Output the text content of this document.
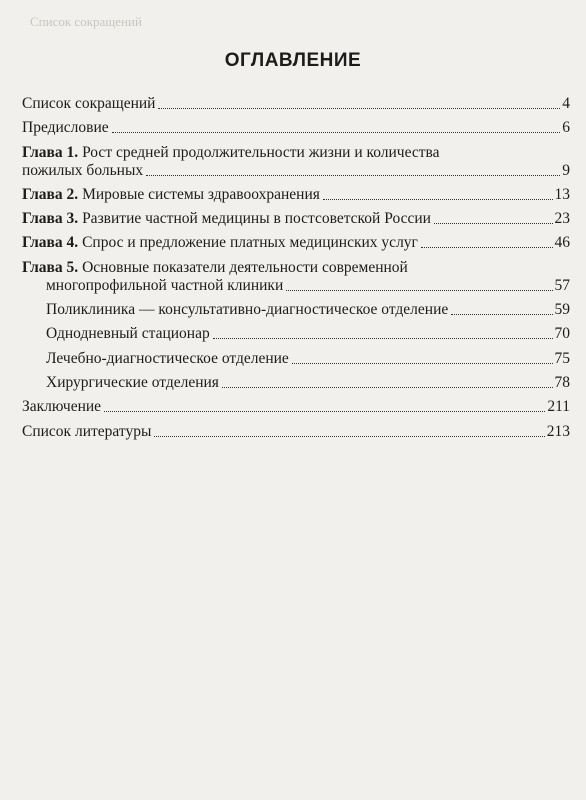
Список сокращений
ОГЛАВЛЕНИЕ
Список сокращений	4
Предисловие	6
Глава 1. Рост средней продолжительности жизни и количества
пожилых больных	9
Глава 2. Мировые системы здравоохранения	13
Глава 3. Развитие частной медицины в постсоветской России	23
Глава 4. Спрос и предложение платных медицинских услуг	46
Глава 5. Основные показатели деятельности современной
многопрофильной частной клиники	57
Поликлиника — консультативно-диагностическое отделение	59
Однодневный стационар	70
Лечебно-диагностическое отделение	75
Хирургические отделения	78
Заключение	211
Список литературы	213
